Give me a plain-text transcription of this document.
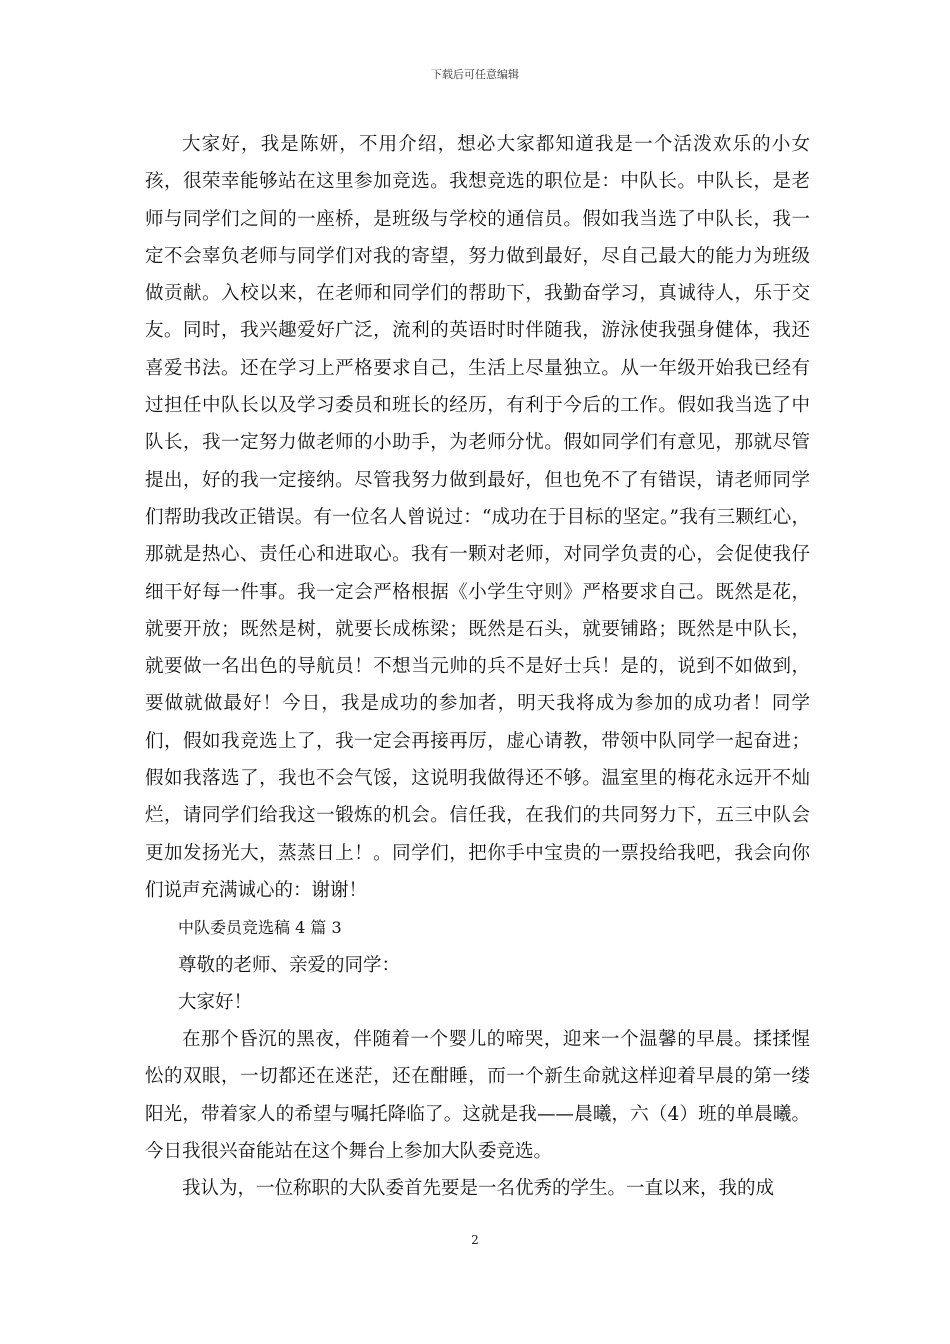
下载后可任意编辑

大家好，我是陈妍，不用介绍，想必大家都知道我是一个活泼欢乐的小女孩，很荣幸能够站在这里参加竞选。我想竞选的职位是：中队长。中队长，是老师与同学们之间的一座桥，是班级与学校的通信员。假如我当选了中队长，我一定不会辜负老师与同学们对我的寄望，努力做到最好，尽自己最大的能力为班级做贡献。入校以来，在老师和同学们的帮助下，我勤奋学习，真诚待人，乐于交友。同时，我兴趣爱好广泛，流利的英语时时伴随我，游泳使我强身健体，我还喜爱书法。还在学习上严格要求自己，生活上尽量独立。从一年级开始我已经有过担任中队长以及学习委员和班长的经历，有利于今后的工作。假如我当选了中队长，我一定努力做老师的小助手，为老师分忧。假如同学们有意见，那就尽管提出，好的我一定接纳。尽管我努力做到最好，但也免不了有错误，请老师同学们帮助我改正错误。有一位名人曾说过：“成功在于目标的坚定。”我有三颗红心，那就是热心、责任心和进取心。我有一颗对老师，对同学负责的心，会促使我仔细干好每一件事。我一定会严格根据《小学生守则》严格要求自己。既然是花，就要开放；既然是树，就要长成栋梁；既然是石头，就要铺路；既然是中队长，就要做一名出色的导航员！不想当元帅的兵不是好士兵！是的，说到不如做到，要做就做最好！今日，我是成功的参加者，明天我将成为参加的成功者！同学们，假如我竞选上了，我一定会再接再厉，虚心请教，带领中队同学一起奋进；假如我落选了，我也不会气馁，这说明我做得还不够。温室里的梅花永远开不灿烂，请同学们给我这一锻炼的机会。信任我，在我们的共同努力下，五三中队会更加发扬光大，蒸蒸日上！。同学们，把你手中宝贵的一票投给我吧，我会向你们说声充满诚心的：谢谢！

中队委员竞选稿 4 篇 3

尊敬的老师、亲爱的同学：

大家好！

在那个昏沉的黑夜，伴随着一个婴儿的啼哭，迎来一个温馨的早晨。揉揉惺忪的双眼，一切都还在迷茫，还在酣睡，而一个新生命就这样迎着早晨的第一缕阳光，带着家人的希望与嘱托降临了。这就是我——晨曦，六（4）班的单晨曦。今日我很兴奋能站在这个舞台上参加大队委竞选。

我认为，一位称职的大队委首先要是一名优秀的学生。一直以来，我的成

2
